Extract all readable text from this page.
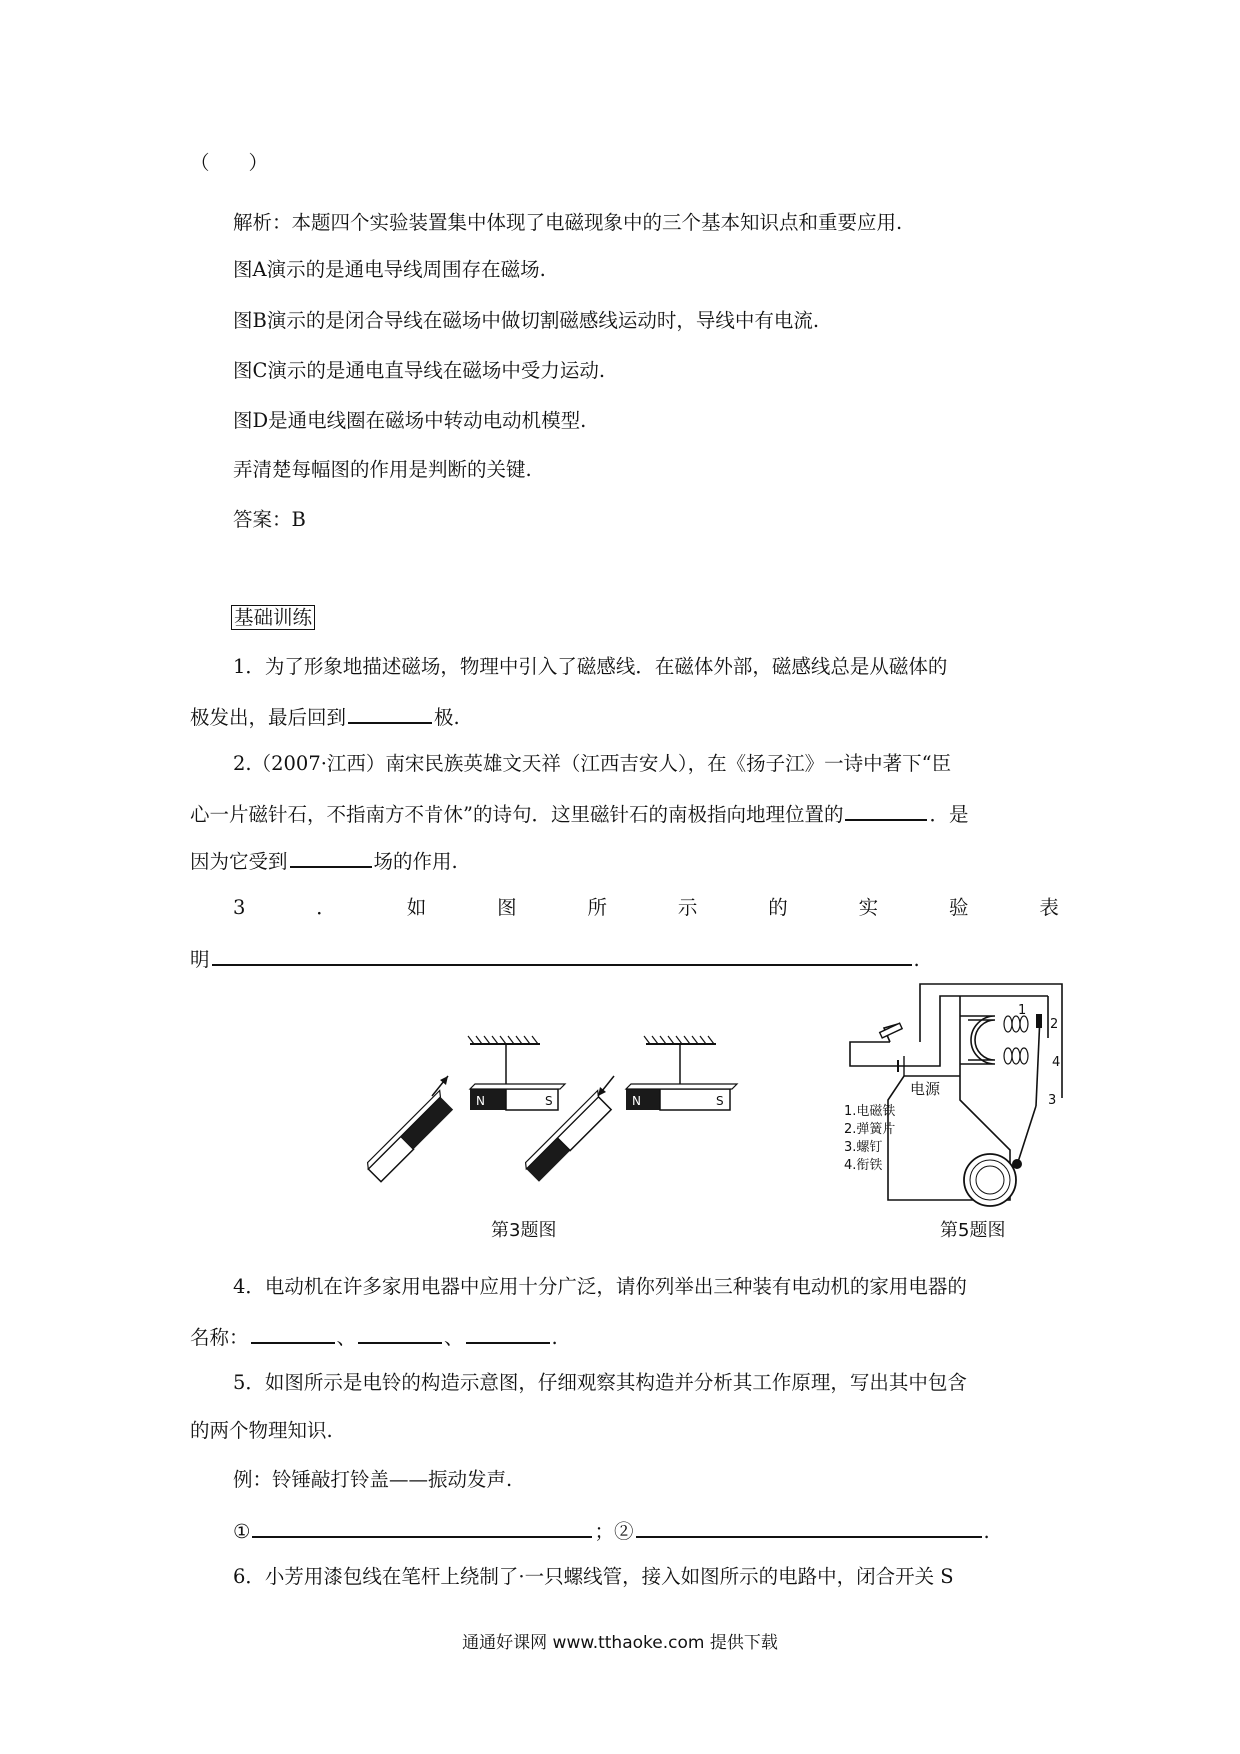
（　　）
解析：本题四个实验装置集中体现了电磁现象中的三个基本知识点和重要应用.
图A演示的是通电导线周围存在磁场.
图B演示的是闭合导线在磁场中做切割磁感线运动时，导线中有电流.
图C演示的是通电直导线在磁场中受力运动.
图D是通电线圈在磁场中转动电动机模型.
弄清楚每幅图的作用是判断的关键.
答案：B
基础训练
1．为了形象地描述磁场，物理中引入了磁感线．在磁体外部，磁感线总是从磁体的
极发出，最后回到	极.
2.（2007·江西）南宋民族英雄文天祥（江西吉安人），在《扬子江》一诗中著下“臣
心一片磁针石，不指南方不肯休”的诗句．这里磁针石的南极指向地理位置的	．是
因为它受到	场的作用.
3	．	如	图	所	示	的	实	验	表
明	.
N	S	N	S
电源
1
2
4
3
1.电磁铁
2.弹簧片
3.螺钉
4.衔铁
第3题图	第5题图
4．电动机在许多家用电器中应用十分广泛，请你列举出三种装有电动机的家用电器的
名称：	、	、	.
5．如图所示是电铃的构造示意图，仔细观察其构造并分析其工作原理，写出其中包含
的两个物理知识.
例：铃锤敲打铃盖——振动发声.
①	；②	.
6．小芳用漆包线在笔杆上绕制了·一只螺线管，接入如图所示的电路中，闭合开关 S
通通好课网 www.tthaoke.com 提供下载
